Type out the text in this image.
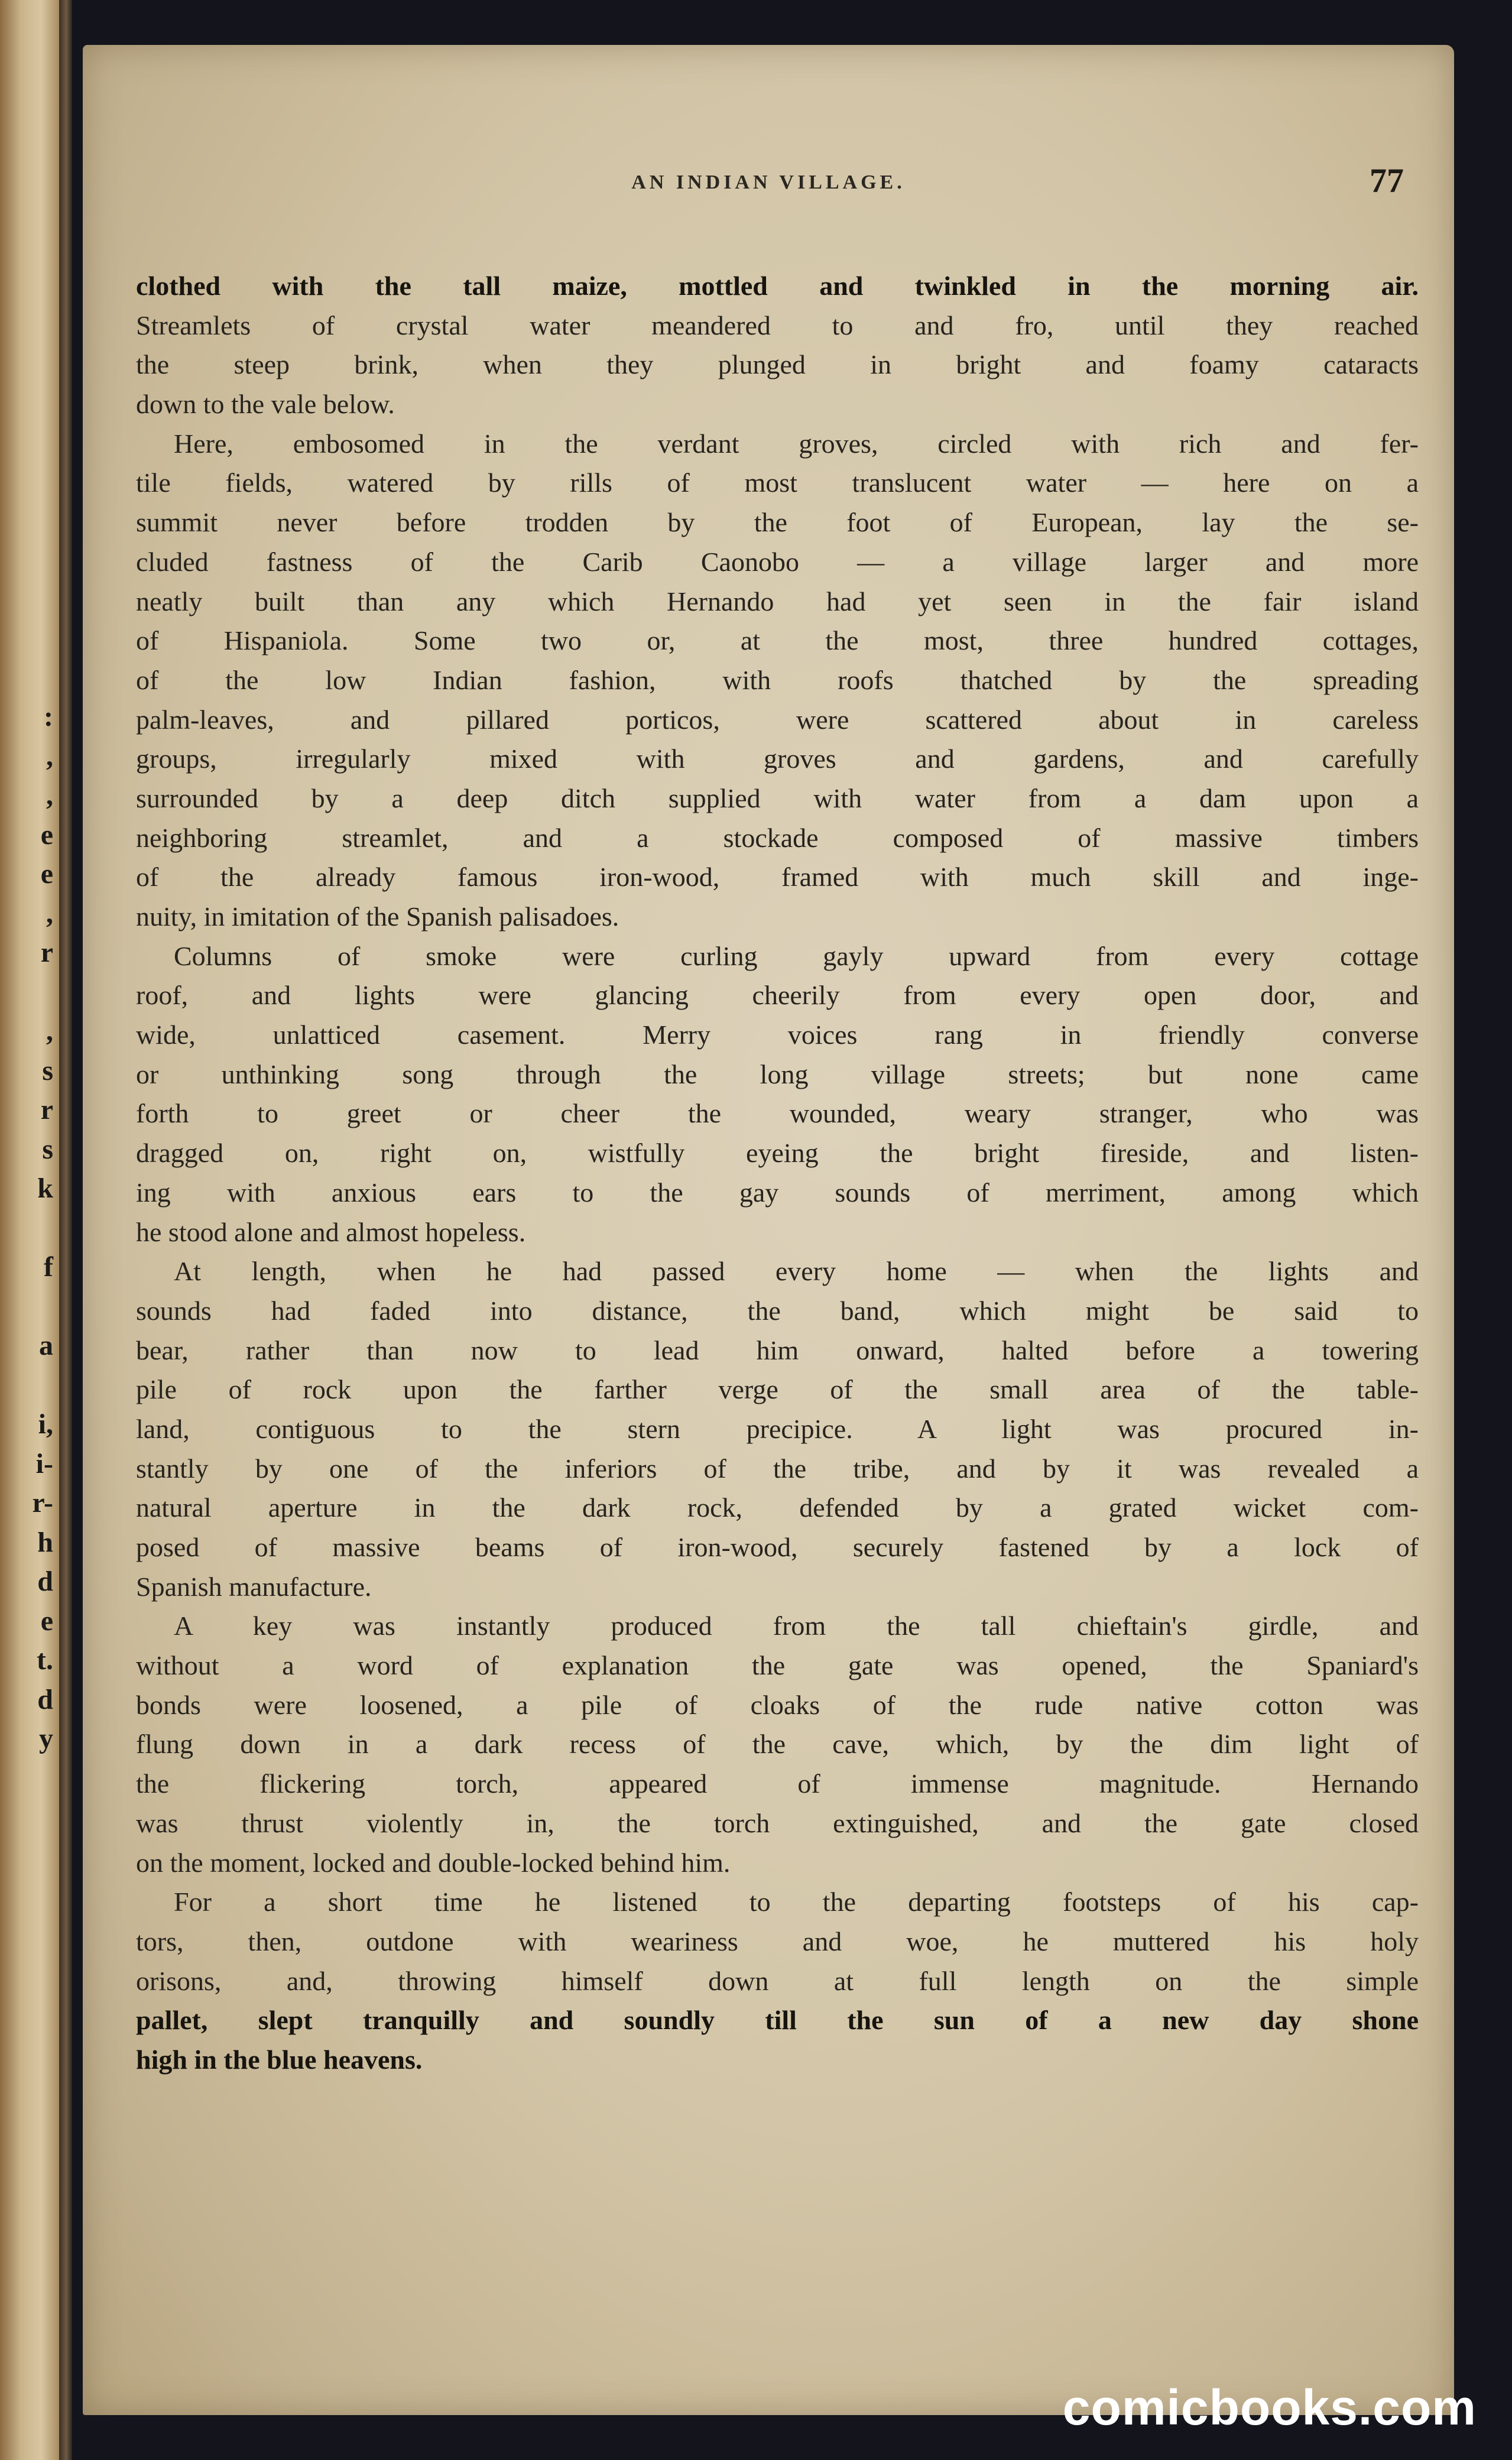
:
,
,
e
e
,
r
,
s
r
s
k
f
a
i,
i-
r-
h
d
e
t.
d
y
AN INDIAN VILLAGE.	77
clothed with the tall maize, mottled and twinkled in the morning air.
Streamlets of crystal water meandered to and fro, until they reached
the steep brink, when they plunged in bright and foamy cataracts
down to the vale below.
Here, embosomed in the verdant groves, circled with rich and fer-
tile fields, watered by rills of most translucent water — here on a
summit never before trodden by the foot of European, lay the se-
cluded fastness of the Carib Caonobo — a village larger and more
neatly built than any which Hernando had yet seen in the fair island
of Hispaniola. Some two or, at the most, three hundred cottages,
of the low Indian fashion, with roofs thatched by the spreading
palm-leaves, and pillared porticos, were scattered about in careless
groups, irregularly mixed with groves and gardens, and carefully
surrounded by a deep ditch supplied with water from a dam upon a
neighboring streamlet, and a stockade composed of massive timbers
of the already famous iron-wood, framed with much skill and inge-
nuity, in imitation of the Spanish palisadoes.
Columns of smoke were curling gayly upward from every cottage
roof, and lights were glancing cheerily from every open door, and
wide, unlatticed casement. Merry voices rang in friendly converse
or unthinking song through the long village streets; but none came
forth to greet or cheer the wounded, weary stranger, who was
dragged on, right on, wistfully eyeing the bright fireside, and listen-
ing with anxious ears to the gay sounds of merriment, among which
he stood alone and almost hopeless.
At length, when he had passed every home — when the lights and
sounds had faded into distance, the band, which might be said to
bear, rather than now to lead him onward, halted before a towering
pile of rock upon the farther verge of the small area of the table-
land, contiguous to the stern precipice. A light was procured in-
stantly by one of the inferiors of the tribe, and by it was revealed a
natural aperture in the dark rock, defended by a grated wicket com-
posed of massive beams of iron-wood, securely fastened by a lock of
Spanish manufacture.
A key was instantly produced from the tall chieftain's girdle, and
without a word of explanation the gate was opened, the Spaniard's
bonds were loosened, a pile of cloaks of the rude native cotton was
flung down in a dark recess of the cave, which, by the dim light of
the flickering torch, appeared of immense magnitude. Hernando
was thrust violently in, the torch extinguished, and the gate closed
on the moment, locked and double-locked behind him.
For a short time he listened to the departing footsteps of his cap-
tors, then, outdone with weariness and woe, he muttered his holy
orisons, and, throwing himself down at full length on the simple
pallet, slept tranquilly and soundly till the sun of a new day shone
high in the blue heavens.
comicbooks.com
